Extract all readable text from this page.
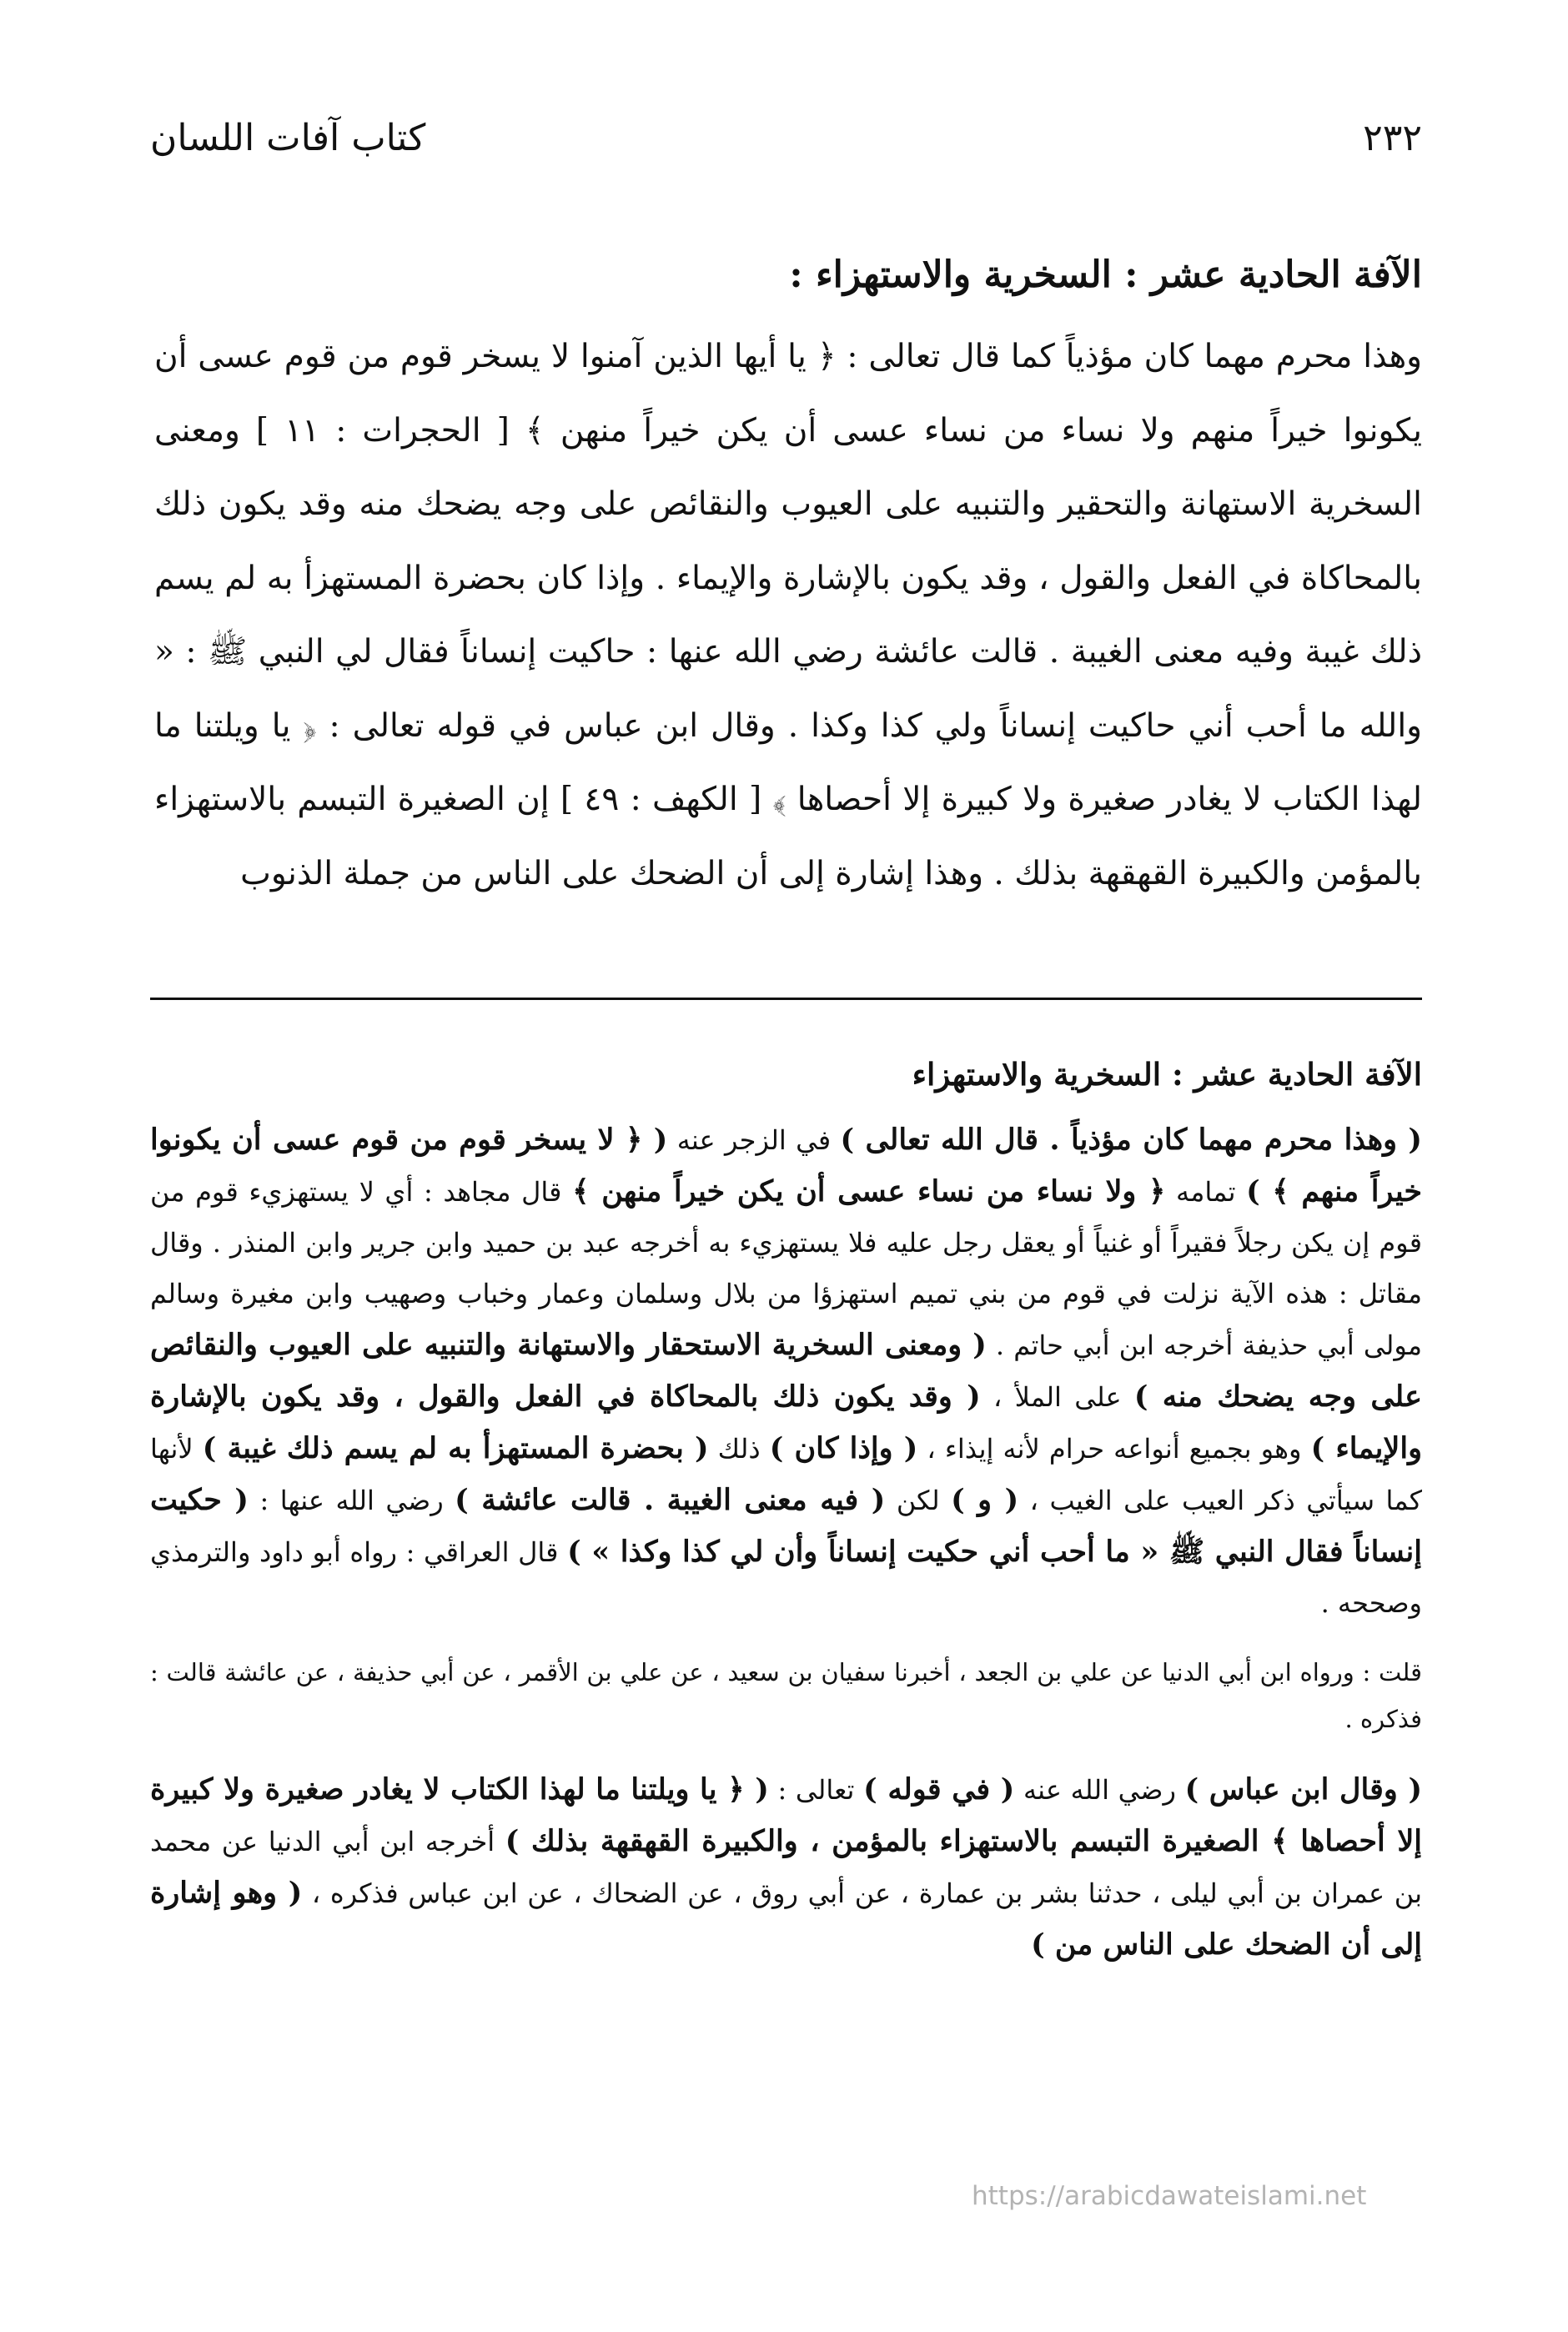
٢٣٢
كتاب آفات اللسان
الآفة الحادية عشر : السخرية والاستهزاء :

وهذا محرم مهما كان مؤذياً كما قال تعالى : ﴿ يا أيها الذين آمنوا لا يسخر قوم من قوم عسى أن يكونوا خيراً منهم ولا نساء من نساء عسى أن يكن خيراً منهن ﴾ [ الحجرات : ١١ ] ومعنى السخرية الاستهانة والتحقير والتنبيه على العيوب والنقائص على وجه يضحك منه وقد يكون ذلك بالمحاكاة في الفعل والقول ، وقد يكون بالإشارة والإيماء . وإذا كان بحضرة المستهزأ به لم يسم ذلك غيبة وفيه معنى الغيبة . قالت عائشة رضي الله عنها : حاكيت إنساناً فقال لي النبي ﷺ : « والله ما أحب أني حاكيت إنساناً ولي كذا وكذا . وقال ابن عباس في قوله تعالى : ﴿ يا ويلتنا ما لهذا الكتاب لا يغادر صغيرة ولا كبيرة إلا أحصاها ﴾ [ الكهف : ٤٩ ] إن الصغيرة التبسم بالاستهزاء بالمؤمن والكبيرة القهقهة بذلك . وهذا إشارة إلى أن الضحك على الناس من جملة الذنوب

الآفة الحادية عشر : السخرية والاستهزاء

( وهذا محرم مهما كان مؤذياً . قال الله تعالى ) في الزجر عنه ( ﴿ لا يسخر قوم من قوم عسى أن يكونوا خيراً منهم ﴾ ) تمامه ﴿ ولا نساء من نساء عسى أن يكن خيراً منهن ﴾ قال مجاهد : أي لا يستهزيء قوم من قوم إن يكن رجلاً فقيراً أو غنياً أو يعقل رجل عليه فلا يستهزيء به أخرجه عبد بن حميد وابن جرير وابن المنذر . وقال مقاتل : هذه الآية نزلت في قوم من بني تميم استهزؤا من بلال وسلمان وعمار وخباب وصهيب وابن مغيرة وسالم مولى أبي حذيفة أخرجه ابن أبي حاتم . ( ومعنى السخرية الاستحقار والاستهانة والتنبيه على العيوب والنقائص على وجه يضحك منه ) على الملأ ، ( وقد يكون ذلك بالمحاكاة في الفعل والقول ، وقد يكون بالإشارة والإيماء ) وهو بجميع أنواعه حرام لأنه إيذاء ، ( وإذا كان ) ذلك ( بحضرة المستهزأ به لم يسم ذلك غيبة ) لأنها كما سيأتي ذكر العيب على الغيب ، ( و ) لكن ( فيه معنى الغيبة . قالت عائشة ) رضي الله عنها : ( حكيت إنساناً فقال النبي ﷺ « ما أحب أني حكيت إنساناً وأن لي كذا وكذا » ) قال العراقي : رواه أبو داود والترمذي وصححه .

قلت : ورواه ابن أبي الدنيا عن علي بن الجعد ، أخبرنا سفيان بن سعيد ، عن علي بن الأقمر ، عن أبي حذيفة ، عن عائشة قالت : فذكره .

( وقال ابن عباس ) رضي الله عنه ( في قوله ) تعالى : ( ﴿ يا ويلتنا ما لهذا الكتاب لا يغادر صغيرة ولا كبيرة إلا أحصاها ﴾ الصغيرة التبسم بالاستهزاء بالمؤمن ، والكبيرة القهقهة بذلك ) أخرجه ابن أبي الدنيا عن محمد بن عمران بن أبي ليلى ، حدثنا بشر بن عمارة ، عن أبي روق ، عن الضحاك ، عن ابن عباس فذكره ، ( وهو إشارة إلى أن الضحك على الناس من )

https://arabicdawateislami.net
